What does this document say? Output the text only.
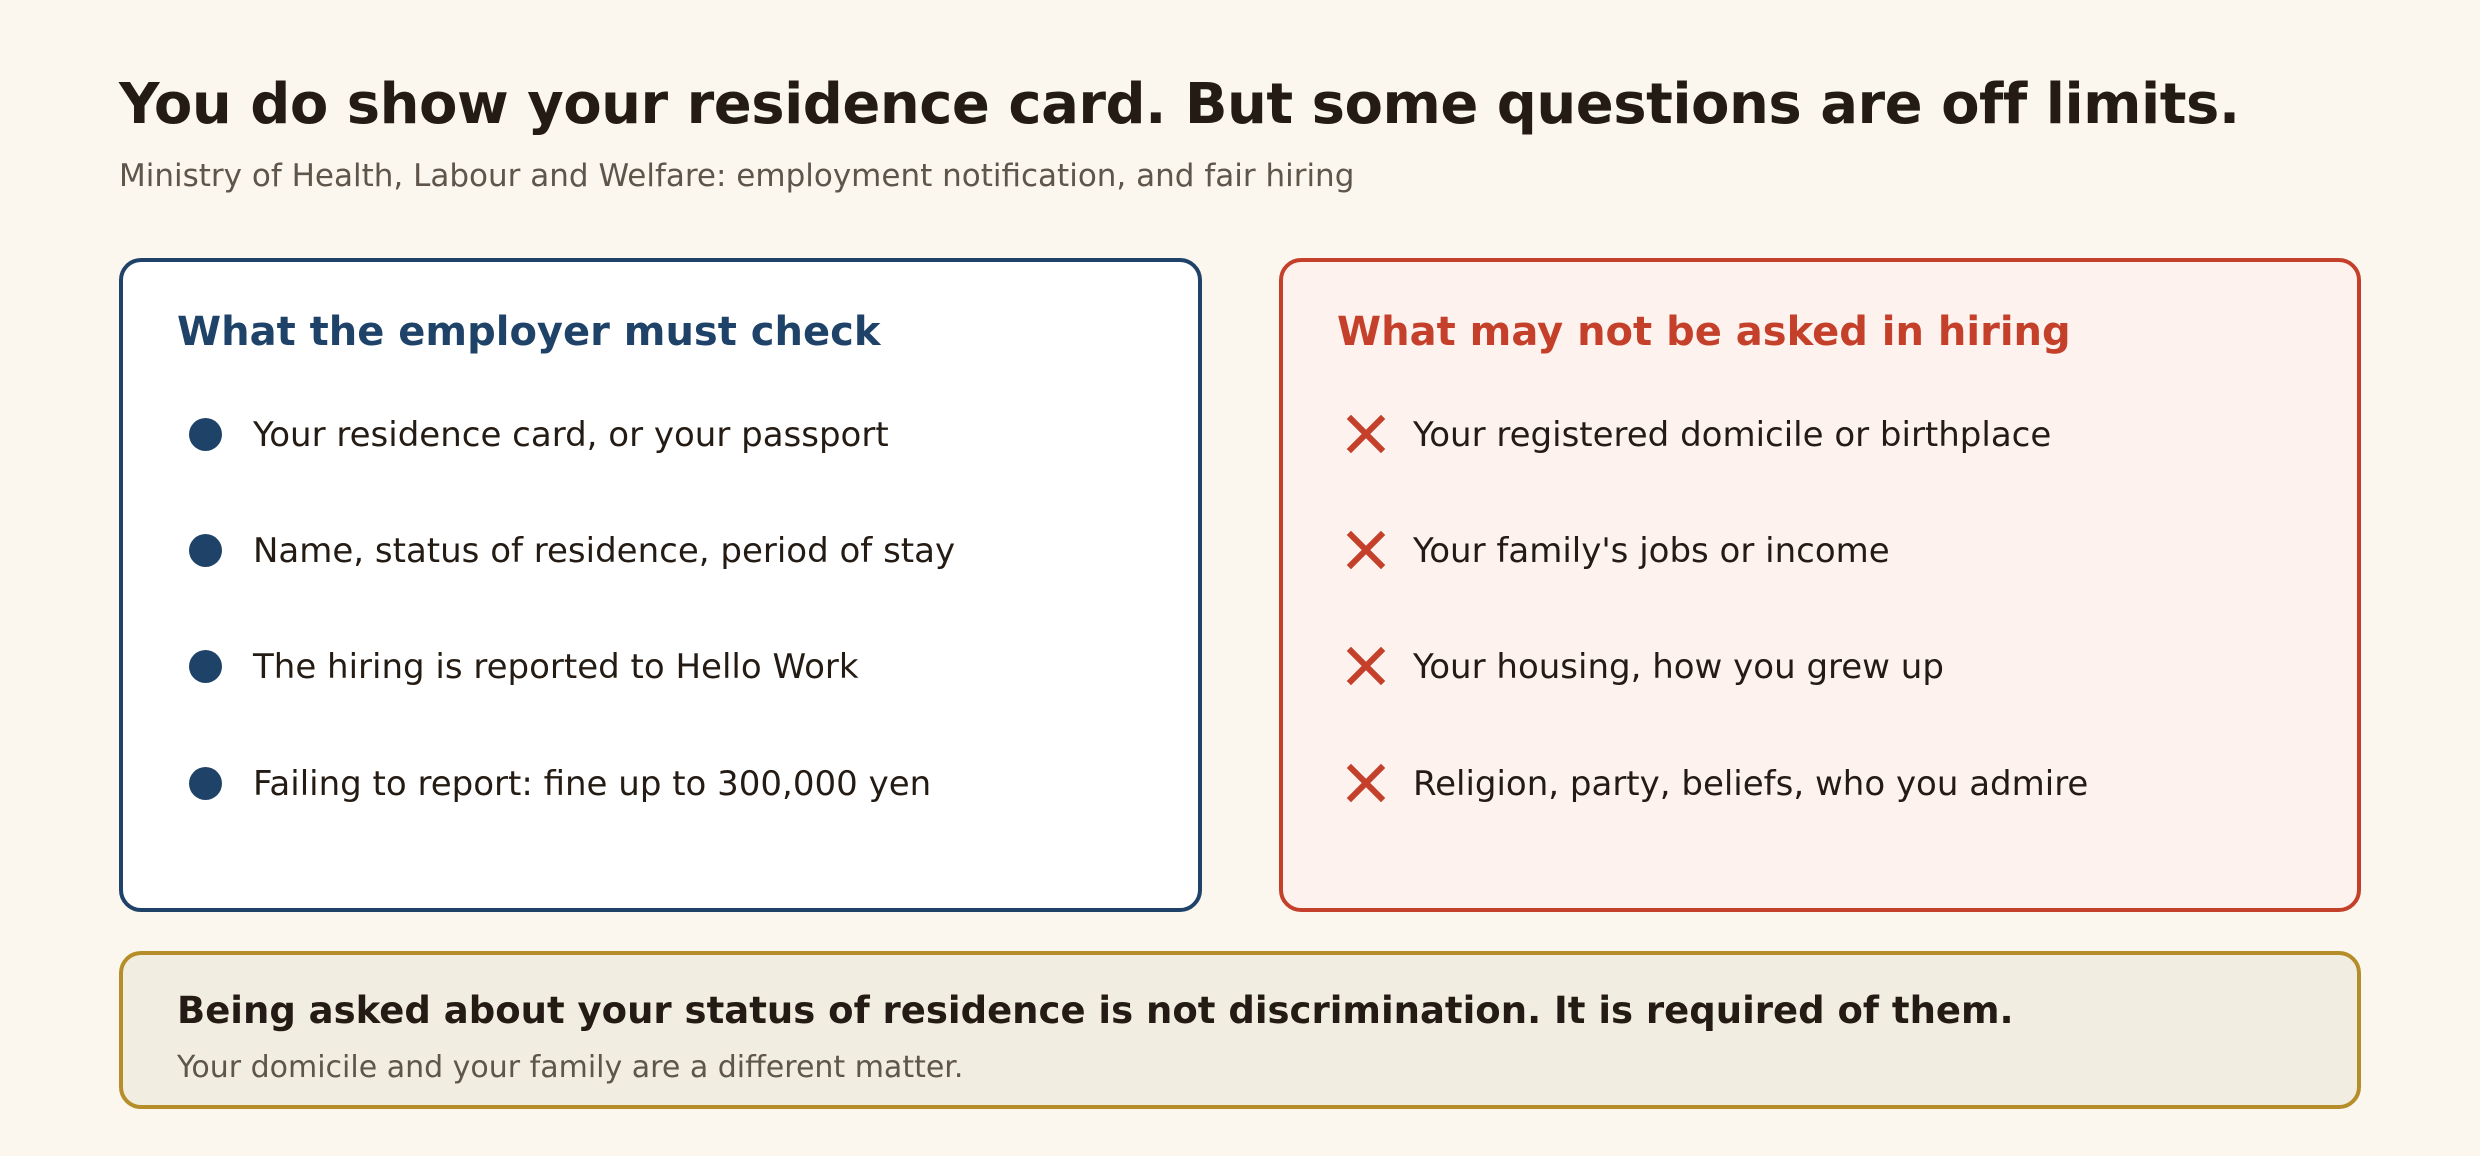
You do show your residence card. But some questions are off limits.

Ministry of Health, Labour and Welfare: employment notification, and fair hiring

What the employer must check
Your residence card, or your passport
Name, status of residence, period of stay
The hiring is reported to Hello Work
Failing to report: fine up to 300,000 yen
What may not be asked in hiring
Your registered domicile or birthplace
Your family's jobs or income
Your housing, how you grew up
Religion, party, beliefs, who you admire

Being asked about your status of residence is not discrimination. It is required of them.

Your domicile and your family are a different matter.
